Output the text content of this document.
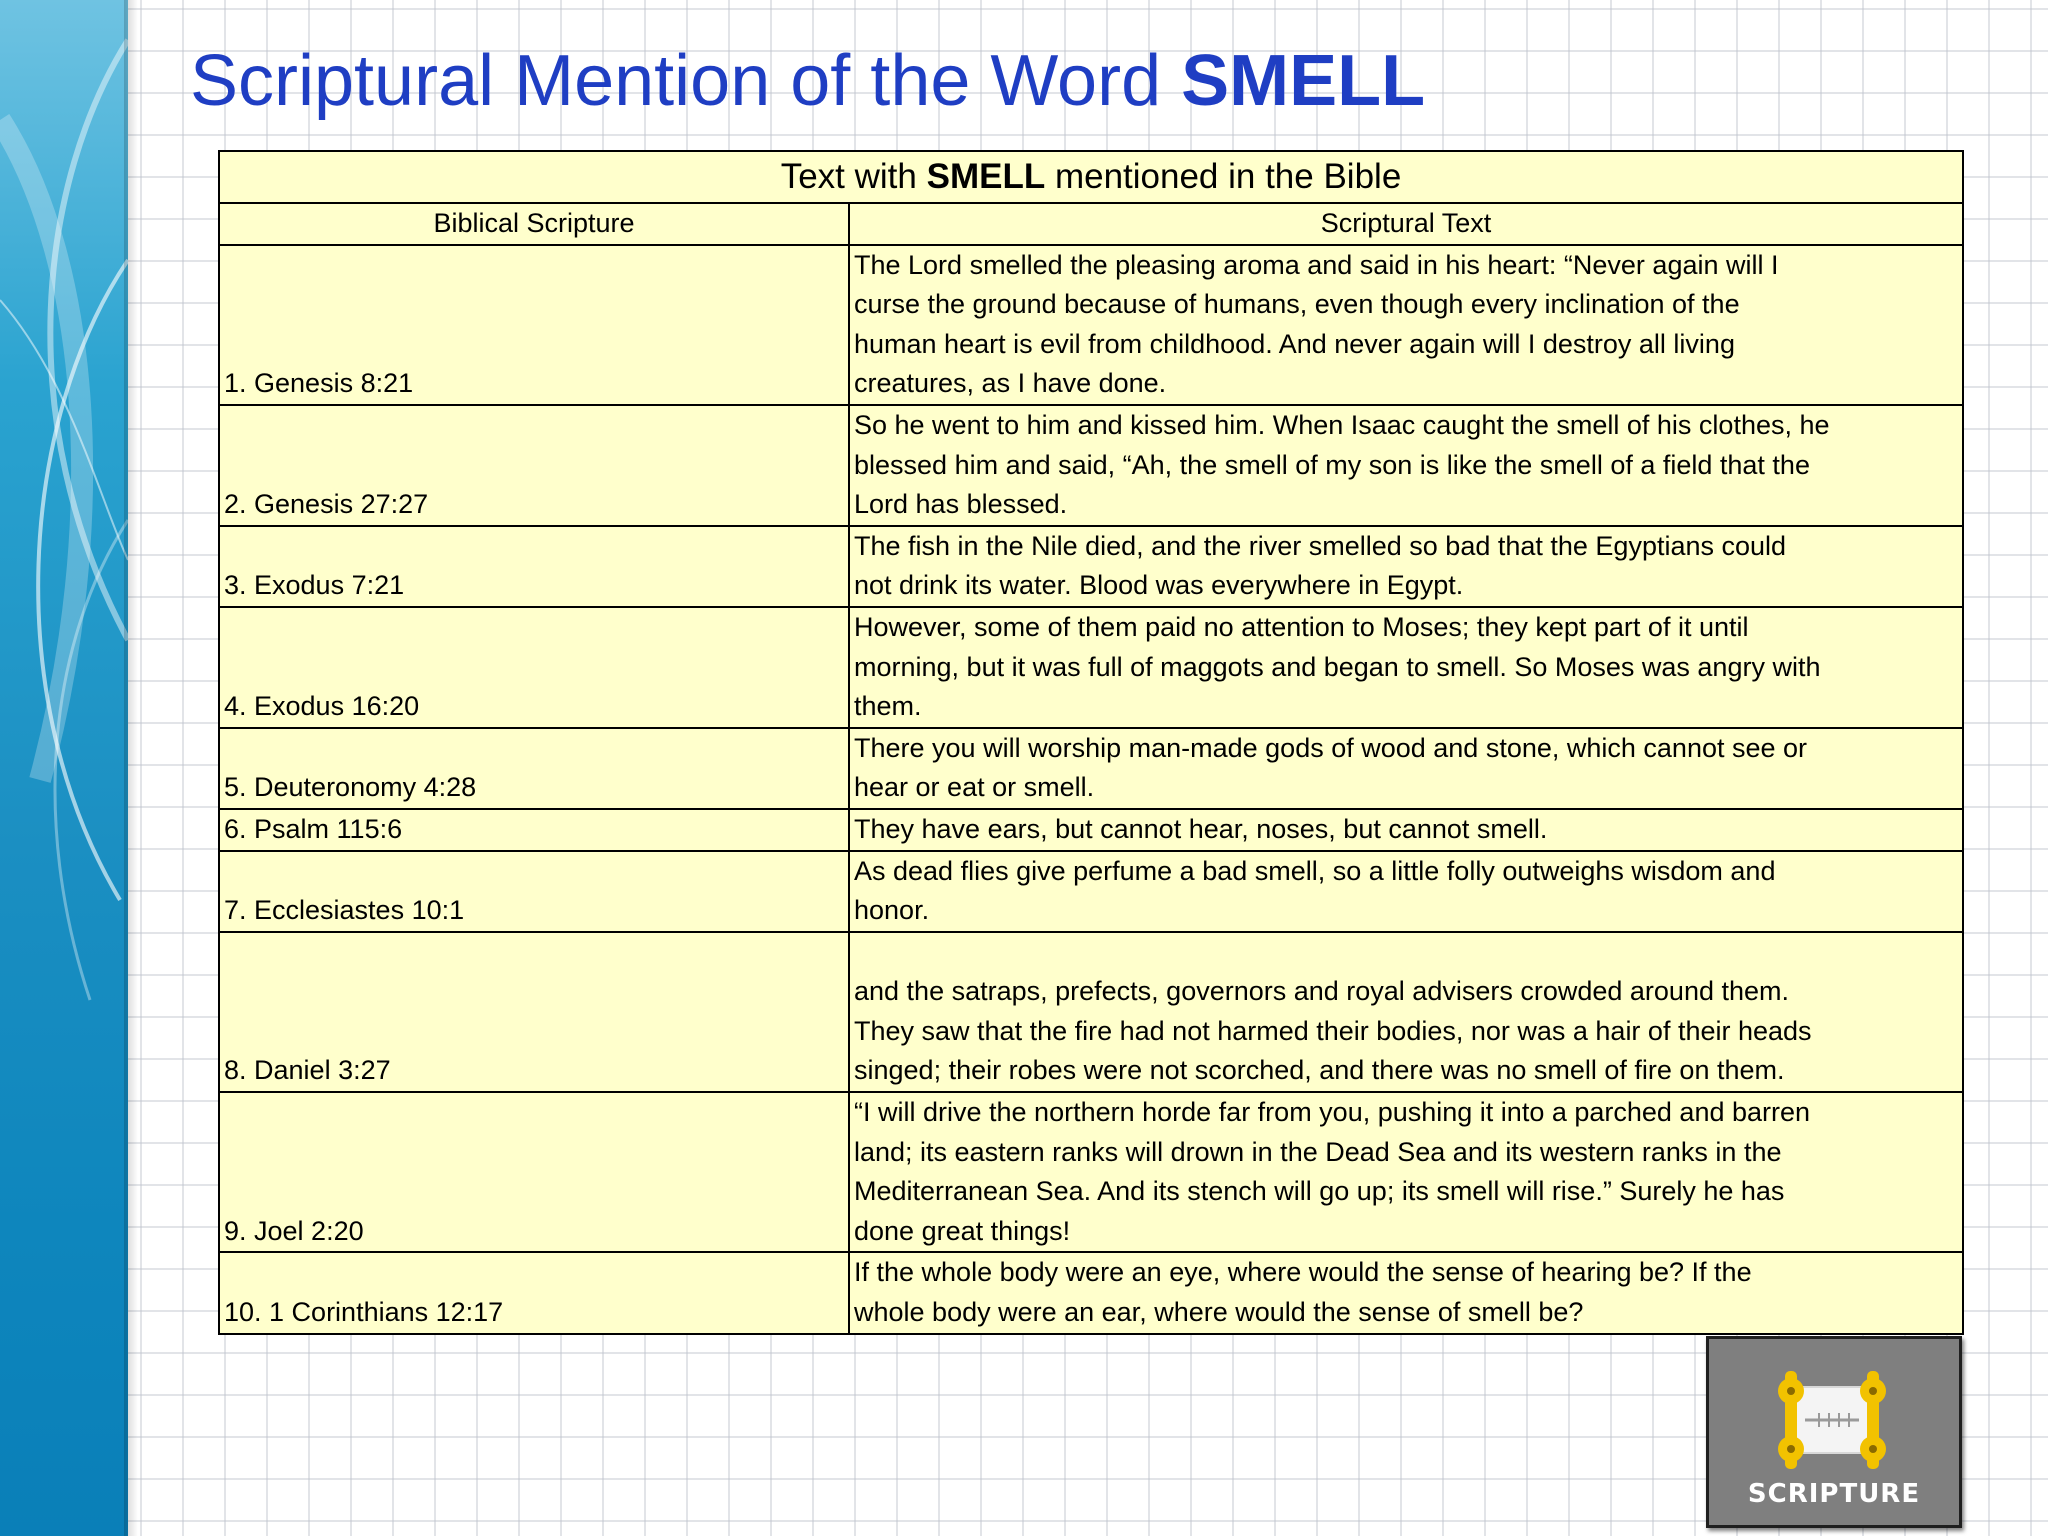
Scriptural Mention of the Word SMELL
Text with SMELL mentioned in the Bible	
Biblical Scripture	Scriptural Text
1. Genesis 8:21	The Lord smelled the pleasing aroma and said in his heart: “Never again will I
curse the ground because of humans, even though every inclination of the
human heart is evil from childhood. And never again will I destroy all living
creatures, as I have done.

2. Genesis 27:27	So he went to him and kissed him. When Isaac caught the smell of his clothes, he
blessed him and said, “Ah, the smell of my son is like the smell of a field that the
Lord has blessed.

3. Exodus 7:21	The fish in the Nile died, and the river smelled so bad that the Egyptians could
not drink its water. Blood was everywhere in Egypt.

4. Exodus 16:20	However, some of them paid no attention to Moses; they kept part of it until
morning, but it was full of maggots and began to smell. So Moses was angry with
them.

5. Deuteronomy 4:28	There you will worship man-made gods of wood and stone, which cannot see or
hear or eat or smell.

6. Psalm 115:6	They have ears, but cannot hear, noses, but cannot smell.

7. Ecclesiastes 10:1	As dead flies give perfume a bad smell, so a little folly outweighs wisdom and
honor.

8. Daniel 3:27	and the satraps, prefects, governors and royal advisers crowded around them.
They saw that the fire had not harmed their bodies, nor was a hair of their heads
singed; their robes were not scorched, and there was no smell of fire on them.

9. Joel 2:20	“I will drive the northern horde far from you, pushing it into a parched and barren
land; its eastern ranks will drown in the Dead Sea and its western ranks in the
Mediterranean Sea. And its stench will go up; its smell will rise.” Surely he has
done great things!

10. 1 Corinthians 12:17	If the whole body were an eye, where would the sense of hearing be? If the
whole body were an ear, where would the sense of smell be?
SCRIPTURE
